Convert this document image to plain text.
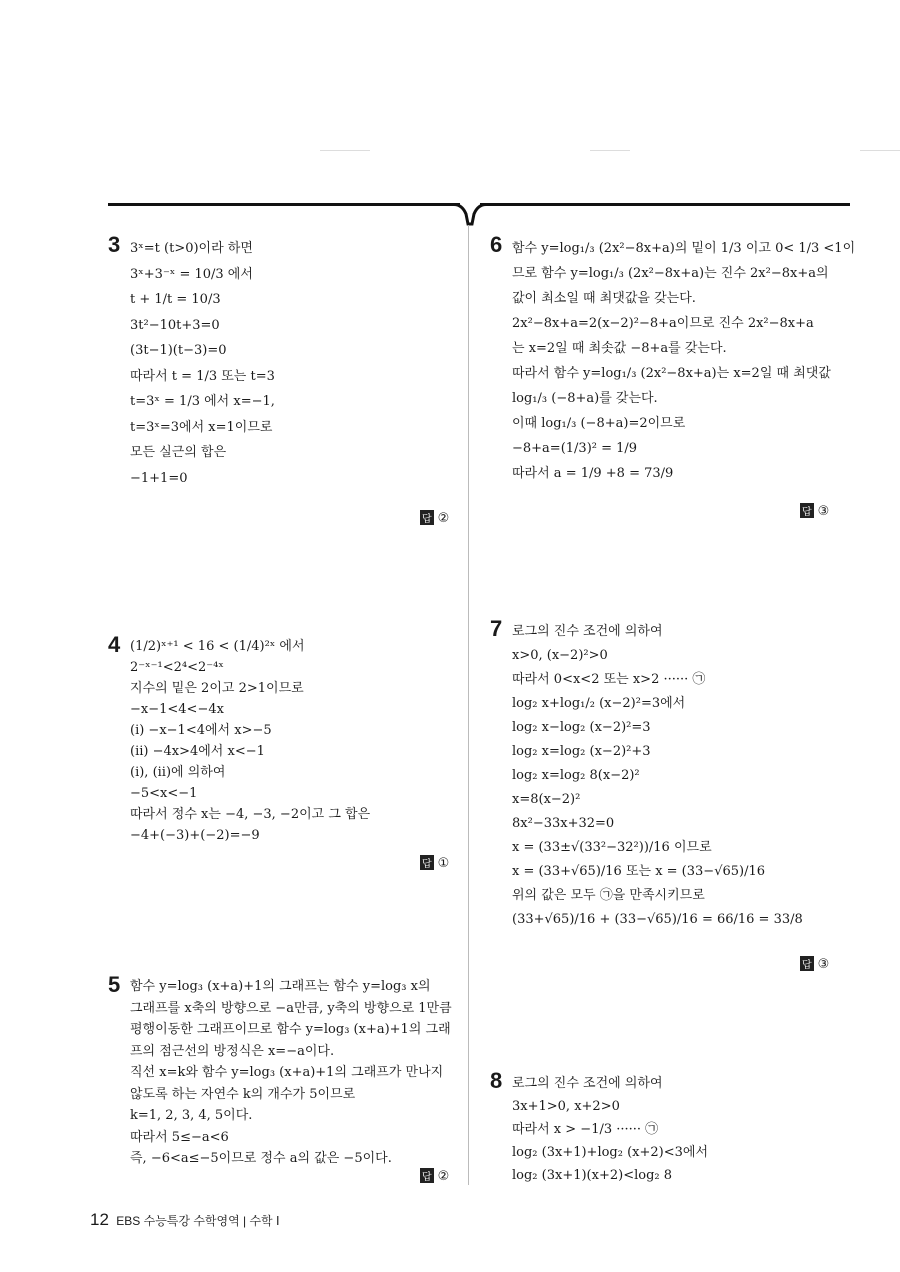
3 3ˣ=t (t>0)이라 하면
3ˣ+3⁻ˣ = 10/3 에서
t + 1/t = 10/3
3t²−10t+3=0
(3t−1)(t−3)=0
따라서 t = 1/3 또는 t=3
t=3ˣ = 1/3 에서 x=−1,
t=3ˣ=3에서 x=1이므로
모든 실근의 합은
−1+1=0
답 ②
4 (1/2)ˣ⁺¹ < 16 < (1/4)²ˣ 에서
2⁻ˣ⁻¹<2⁴<2⁻⁴ˣ
지수의 밑은 2이고 2>1이므로
−x−1<4<−4x
(ⅰ) −x−1<4에서 x>−5
(ⅱ) −4x>4에서 x<−1
(ⅰ), (ⅱ)에 의하여
−5<x<−1
따라서 정수 x는 −4, −3, −2이고 그 합은
−4+(−3)+(−2)=−9
답 ①
5 함수 y=log₃ (x+a)+1의 그래프는 함수 y=log₃ x의
그래프를 x축의 방향으로 −a만큼, y축의 방향으로 1만큼
평행이동한 그래프이므로 함수 y=log₃ (x+a)+1의 그래
프의 점근선의 방정식은 x=−a이다.
직선 x=k와 함수 y=log₃ (x+a)+1의 그래프가 만나지
않도록 하는 자연수 k의 개수가 5이므로
k=1, 2, 3, 4, 5이다.
따라서 5≤−a<6
즉, −6<a≤−5이므로 정수 a의 값은 −5이다.
답 ②
6 함수 y=log₁/₃ (2x²−8x+a)의 밑이 1/3 이고 0< 1/3 <1이
므로 함수 y=log₁/₃ (2x²−8x+a)는 진수 2x²−8x+a의
값이 최소일 때 최댓값을 갖는다.
2x²−8x+a=2(x−2)²−8+a이므로 진수 2x²−8x+a
는 x=2일 때 최솟값 −8+a를 갖는다.
따라서 함수 y=log₁/₃ (2x²−8x+a)는 x=2일 때 최댓값
log₁/₃ (−8+a)를 갖는다.
이때 log₁/₃ (−8+a)=2이므로
−8+a=(1/3)² = 1/9
따라서 a = 1/9 +8 = 73/9
답 ③
7 로그의 진수 조건에 의하여
x>0, (x−2)²>0
따라서 0<x<2 또는 x>2 ······ ㉠
log₂ x+log₁/₂ (x−2)²=3에서
log₂ x−log₂ (x−2)²=3
log₂ x=log₂ (x−2)²+3
log₂ x=log₂ 8(x−2)²
x=8(x−2)²
8x²−33x+32=0
x = (33±√(33²−32²))/16 이므로
x = (33+√65)/16 또는 x = (33−√65)/16
위의 값은 모두 ㉠을 만족시키므로
(33+√65)/16 + (33−√65)/16 = 66/16 = 33/8
답 ③
8 로그의 진수 조건에 의하여
3x+1>0, x+2>0
따라서 x > −1/3 ······ ㉠
log₂ (3x+1)+log₂ (x+2)<3에서
log₂ (3x+1)(x+2)<log₂ 8
12 EBS 수능특강 수학영역 | 수학 Ⅰ
